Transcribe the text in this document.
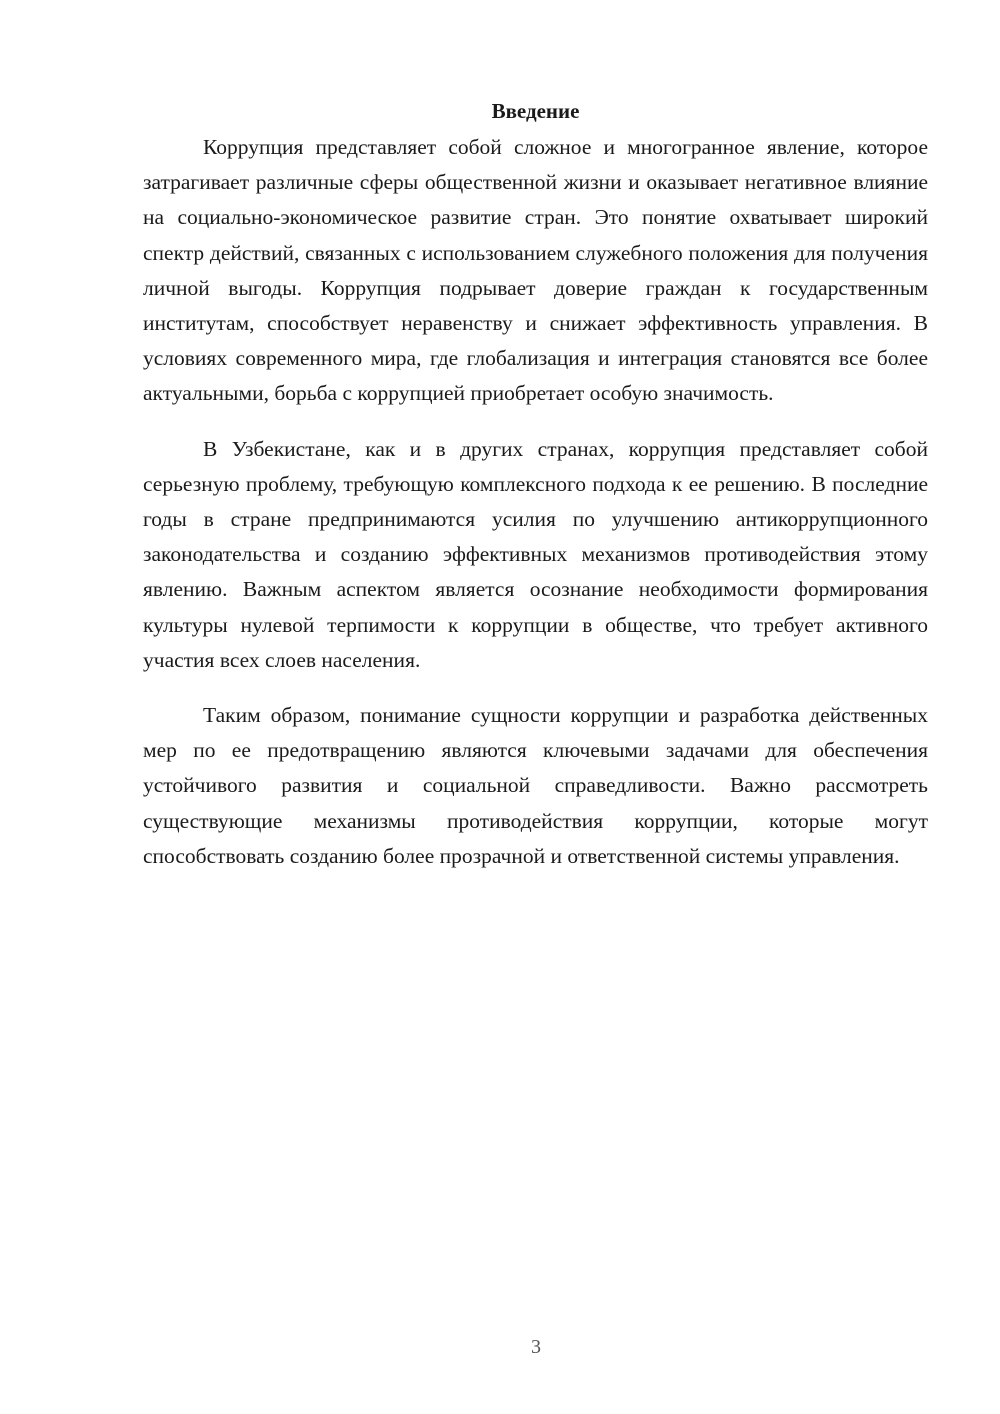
Введение

Коррупция представляет собой сложное и многогранное явление, которое затрагивает различные сферы общественной жизни и оказывает негативное влияние на социально-экономическое развитие стран. Это понятие охватывает широкий спектр действий, связанных с использованием служебного положения для получения личной выгоды. Коррупция подрывает доверие граждан к государственным институтам, способствует неравенству и снижает эффективность управления. В условиях современного мира, где глобализация и интеграция становятся все более актуальными, борьба с коррупцией приобретает особую значимость.

В Узбекистане, как и в других странах, коррупция представляет собой серьезную проблему, требующую комплексного подхода к ее решению. В последние годы в стране предпринимаются усилия по улучшению антикоррупционного законодательства и созданию эффективных механизмов противодействия этому явлению. Важным аспектом является осознание необходимости формирования культуры нулевой терпимости к коррупции в обществе, что требует активного участия всех слоев населения.

Таким образом, понимание сущности коррупции и разработка действенных мер по ее предотвращению являются ключевыми задачами для обеспечения устойчивого развития и социальной справедливости. Важно рассмотреть существующие механизмы противодействия коррупции, которые могут способствовать созданию более прозрачной и ответственной системы управления.

3
